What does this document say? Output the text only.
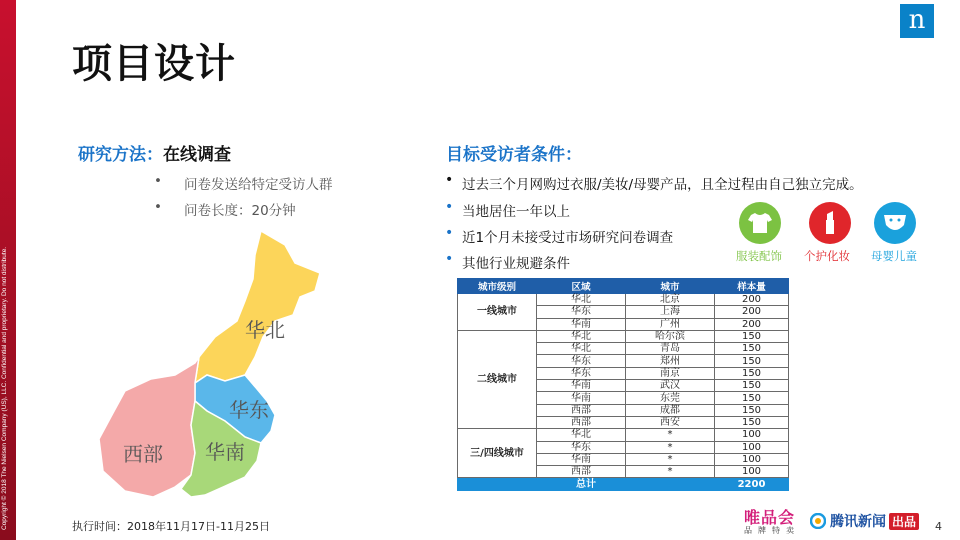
Copyright © 2018 The Nielsen Company (US), LLC. Confidential and proprietary. Do not distribute.
项目设计
n
研究方法：在线调查
• 问卷发送给特定受访人群
• 问卷长度：20分钟
目标受访者条件：
• 过去三个月网购过衣服/美妆/母婴产品，且全过程由自己独立完成。
• 当地居住一年以上
• 近1个月未接受过市场研究问卷调查
• 其他行业规避条件
华北
华东
西部 华南
服装配饰 个护化妆 母婴儿童
城市级别	区域	城市	样本量
一线城市	华北	北京	200
	华东	上海	200
	华南	广州	200
二线城市	华北	哈尔滨	150
	华北	青岛	150
	华东	郑州	150
	华东	南京	150
	华南	武汉	150
	华南	东莞	150
	西部	成都	150
	西部	西安	150
三/四线城市	华北	*	100
	华东	*	100
	华南	*	100
	西部	*	100
总计			2200
执行时间：2018年11月17日-11月25日	唯品会
品牌特卖
腾讯新闻 出品 4
